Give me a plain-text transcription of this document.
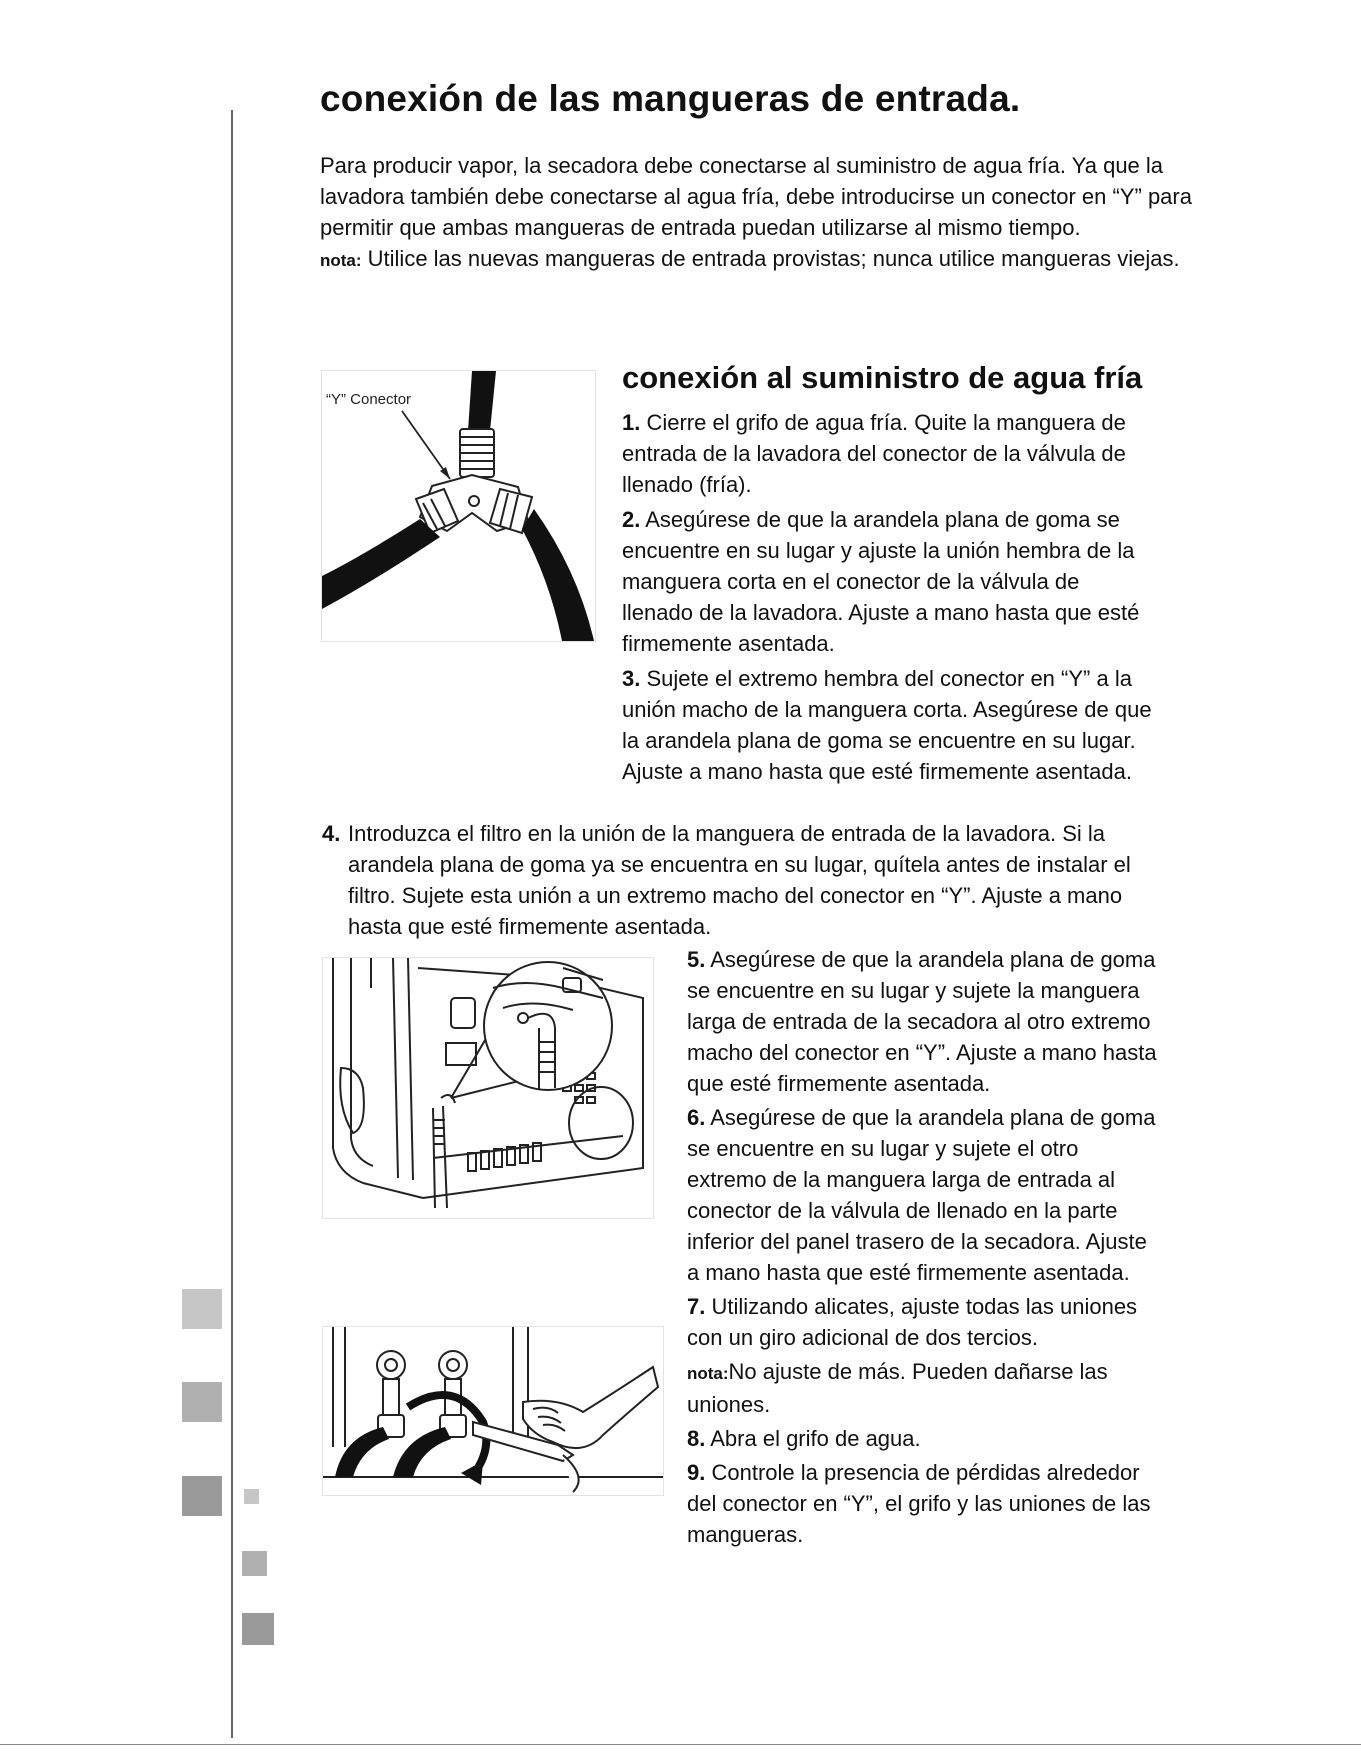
conexión de las mangueras de entrada.

Para producir vapor, la secadora debe conectarse al suministro de agua fría. Ya que la lavadora también debe conectarse al agua fría, debe introducirse un conector en “Y” para permitir que ambas mangueras de entrada puedan utilizarse al mismo tiempo.

nota: Utilice las nuevas mangueras de entrada provistas; nunca utilice mangueras viejas.

“Y” Conector
conexión al suministro de agua fría

1. Cierre el grifo de agua fría. Quite la manguera de entrada de la lavadora del conector de la válvula de llenado (fría).

2. Asegúrese de que la arandela plana de goma se encuentre en su lugar y ajuste la unión hembra de la manguera corta en el conector de la válvula de llenado de la lavadora. Ajuste a mano hasta que esté firmemente asentada.

3. Sujete el extremo hembra del conector en “Y” a la unión macho de la manguera corta. Asegúrese de que la arandela plana de goma se encuentre en su lugar. Ajuste a mano hasta que esté firmemente asentada.

4. Introduzca el filtro en la unión de la manguera de entrada de la lavadora. Si la arandela plana de goma ya se encuentra en su lugar, quítela antes de instalar el filtro. Sujete esta unión a un extremo macho del conector en “Y”. Ajuste a mano hasta que esté firmemente asentada.

5. Asegúrese de que la arandela plana de goma se encuentre en su lugar y sujete la manguera larga de entrada de la secadora al otro extremo macho del conector en “Y”. Ajuste a mano hasta que esté firmemente asentada.

6. Asegúrese de que la arandela plana de goma se encuentre en su lugar y sujete el otro extremo de la manguera larga de entrada al conector de la válvula de llenado en la parte inferior del panel trasero de la secadora. Ajuste a mano hasta que esté firmemente asentada.

7. Utilizando alicates, ajuste todas las uniones con un giro adicional de dos tercios.

nota:No ajuste de más. Pueden dañarse las uniones.

8. Abra el grifo de agua.

9. Controle la presencia de pérdidas alrededor del conector en “Y”, el grifo y las uniones de las mangueras.
